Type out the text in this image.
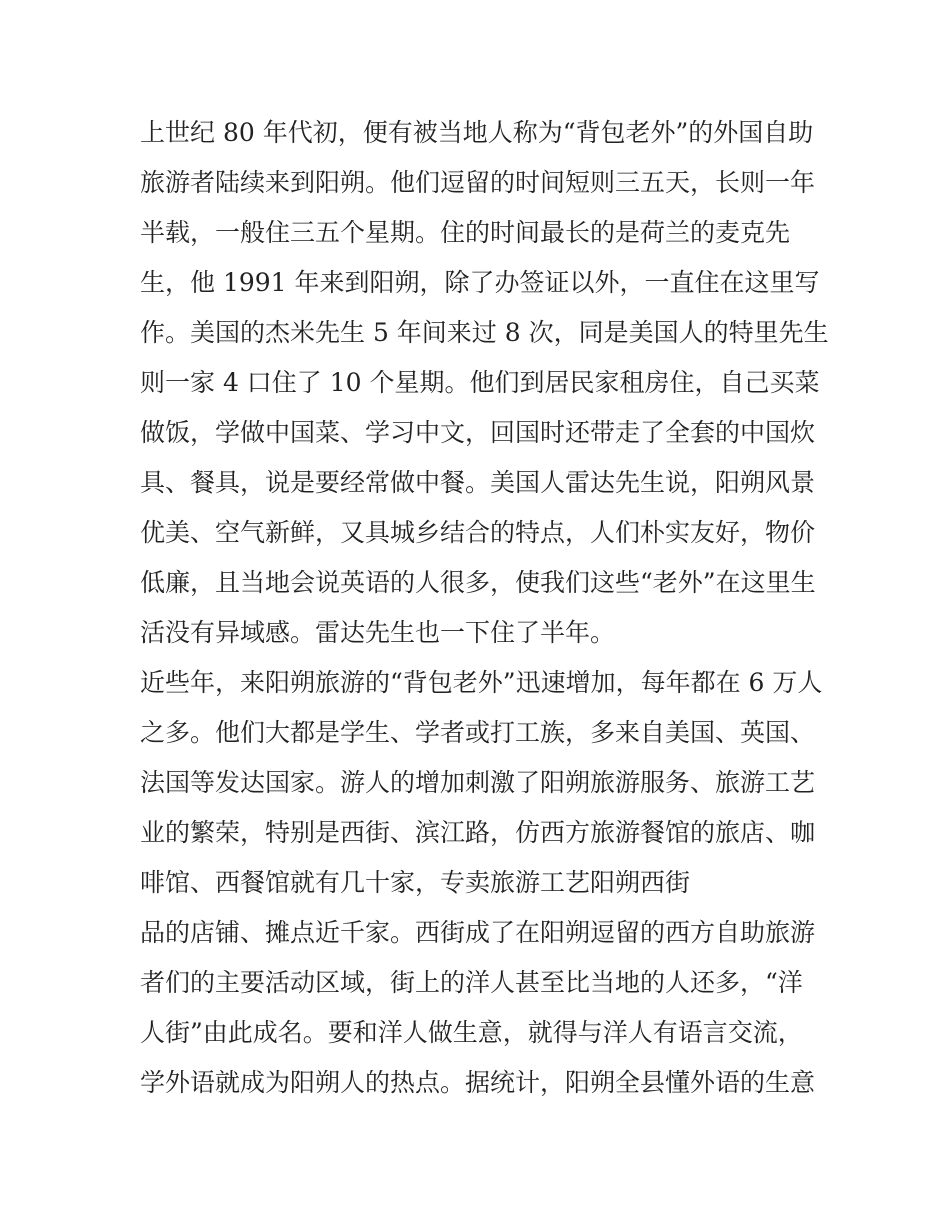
上世纪 80 年代初，便有被当地人称为“背包老外”的外国自助
旅游者陆续来到阳朔。他们逗留的时间短则三五天，长则一年
半载，一般住三五个星期。住的时间最长的是荷兰的麦克先
生，他 1991 年来到阳朔，除了办签证以外，一直住在这里写
作。美国的杰米先生 5 年间来过 8 次，同是美国人的特里先生
则一家 4 口住了 10 个星期。他们到居民家租房住，自己买菜
做饭，学做中国菜、学习中文，回国时还带走了全套的中国炊
具、餐具，说是要经常做中餐。美国人雷达先生说，阳朔风景
优美、空气新鲜，又具城乡结合的特点，人们朴实友好，物价
低廉，且当地会说英语的人很多，使我们这些“老外”在这里生
活没有异域感。雷达先生也一下住了半年。
近些年，来阳朔旅游的“背包老外”迅速增加，每年都在 6 万人
之多。他们大都是学生、学者或打工族，多来自美国、英国、
法国等发达国家。游人的增加刺激了阳朔旅游服务、旅游工艺
业的繁荣，特别是西街、滨江路，仿西方旅游餐馆的旅店、咖
啡馆、西餐馆就有几十家，专卖旅游工艺阳朔西街
品的店铺、摊点近千家。西街成了在阳朔逗留的西方自助旅游
者们的主要活动区域，街上的洋人甚至比当地的人还多，“洋
人街”由此成名。要和洋人做生意，就得与洋人有语言交流，
学外语就成为阳朔人的热点。据统计，阳朔全县懂外语的生意
